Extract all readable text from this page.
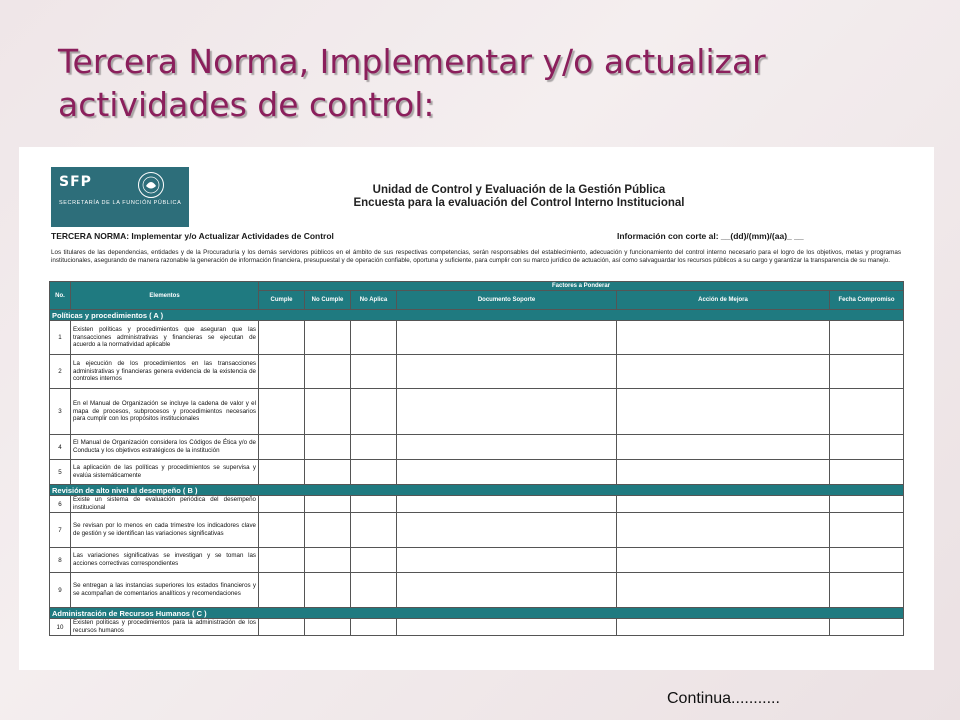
Tercera Norma, Implementar y/o actualizar actividades de control:
SFP
SECRETARÍA DE LA FUNCIÓN PÚBLICA
Unidad de Control y Evaluación de la Gestión Pública
Encuesta para la evaluación del Control Interno Institucional
TERCERA NORMA: Implementar y/o Actualizar Actividades de Control	Información con corte al: __(dd)/(mm)/(aa)_ __
Los titulares de las dependencias, entidades y de la Procuraduría y los demás servidores públicos en el ámbito de sus respectivas competencias, serán responsables del establecimiento, adecuación y funcionamiento del control interno necesario para el logro de los objetivos, metas y programas institucionales, asegurando de manera razonable la generación de información financiera, presupuestal y de operación confiable, oportuna y suficiente, para cumplir con su marco jurídico de actuación, así como salvaguardar los recursos públicos a su cargo y garantizar la transparencia de su manejo.
No.	Elementos	Factores a Ponderar					
		Cumple	No Cumple	No Aplica	Documento Soporte	Acción de Mejora	Fecha Compromiso
Políticas y procedimientos ( A )							
1	Existen políticas y procedimientos que aseguran que las transacciones administrativas y financieras se ejecutan de acuerdo a la normatividad aplicable						
2	La ejecución de los procedimientos en las transacciones administrativas y financieras genera evidencia de la existencia de controles internos						
3	En el Manual de Organización se incluye la cadena de valor y el mapa de procesos, subprocesos y procedimientos necesarios para cumplir con los propósitos institucionales						
4	El Manual de Organización considera los Códigos de Ética y/o de Conducta y los objetivos estratégicos de la institución						
5	La aplicación de las políticas y procedimientos se supervisa y evalúa sistemáticamente						
Revisión de alto nivel al desempeño ( B )							
6	Existe un sistema de evaluación periódica del desempeño institucional						
7	Se revisan por lo menos en cada trimestre los indicadores clave de gestión y se identifican las variaciones significativas						
8	Las variaciones significativas se investigan y se toman las acciones correctivas correspondientes						
9	Se entregan a las instancias superiores los estados financieros y se acompañan de comentarios analíticos y recomendaciones						
Administración de Recursos Humanos ( C )							
10	Existen políticas y procedimientos para la administración de los recursos humanos						
Continua...........
